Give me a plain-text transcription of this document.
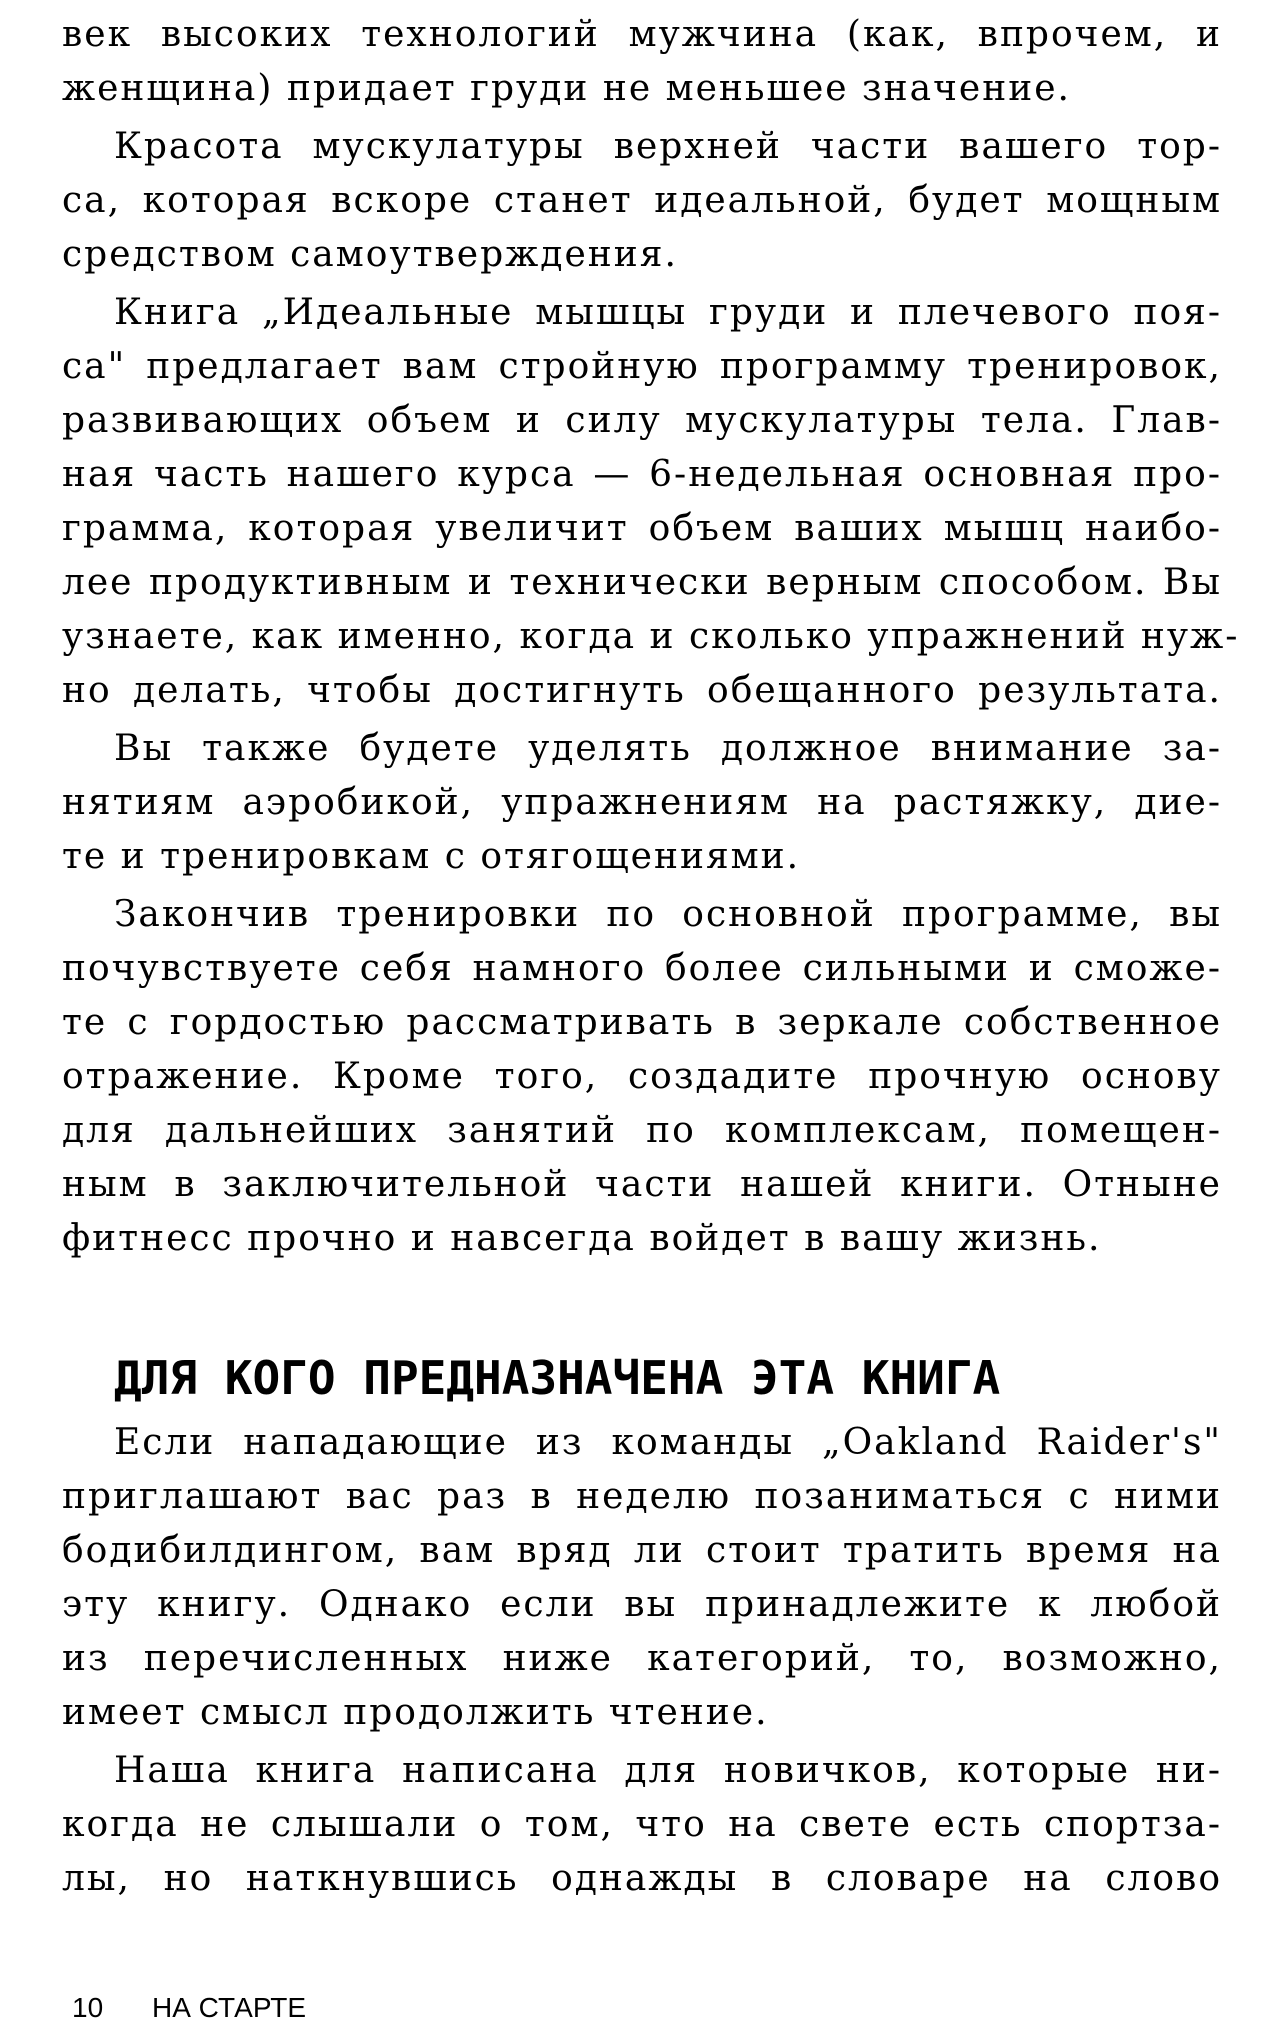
век высоких технологий мужчина (как, впрочем, и
женщина) придает груди не меньшее значение.
Красота мускулатуры верхней части вашего тор-
са, которая вскоре станет идеальной, будет мощным
средством самоутверждения.
Книга „Идеальные мышцы груди и плечевого поя-
са" предлагает вам стройную программу тренировок,
развивающих объем и силу мускулатуры тела. Глав-
ная часть нашего курса — 6-недельная основная про-
грамма, которая увеличит объем ваших мышц наибо-
лее продуктивным и технически верным способом. Вы
узнаете, как именно, когда и сколько упражнений нуж-
но делать, чтобы достигнуть обещанного результата.
Вы также будете уделять должное внимание за-
нятиям аэробикой, упражнениям на растяжку, дие-
те и тренировкам с отягощениями.
Закончив тренировки по основной программе, вы
почувствуете себя намного более сильными и сможе-
те с гордостью рассматривать в зеркале собственное
отражение. Кроме того, создадите прочную основу
для дальнейших занятий по комплексам, помещен-
ным в заключительной части нашей книги. Отныне
фитнесс прочно и навсегда войдет в вашу жизнь.
ДЛЯ КОГО ПРЕДНАЗНАЧЕНА ЭТА КНИГА
Если нападающие из команды „Oakland Raider's"
приглашают вас раз в неделю позаниматься с ними
бодибилдингом, вам вряд ли стоит тратить время на
эту книгу. Однако если вы принадлежите к любой
из перечисленных ниже категорий, то, возможно,
имеет смысл продолжить чтение.
Наша книга написана для новичков, которые ни-
когда не слышали о том, что на свете есть спортза-
лы, но наткнувшись однажды в словаре на слово
10 НА СТАРТЕ
